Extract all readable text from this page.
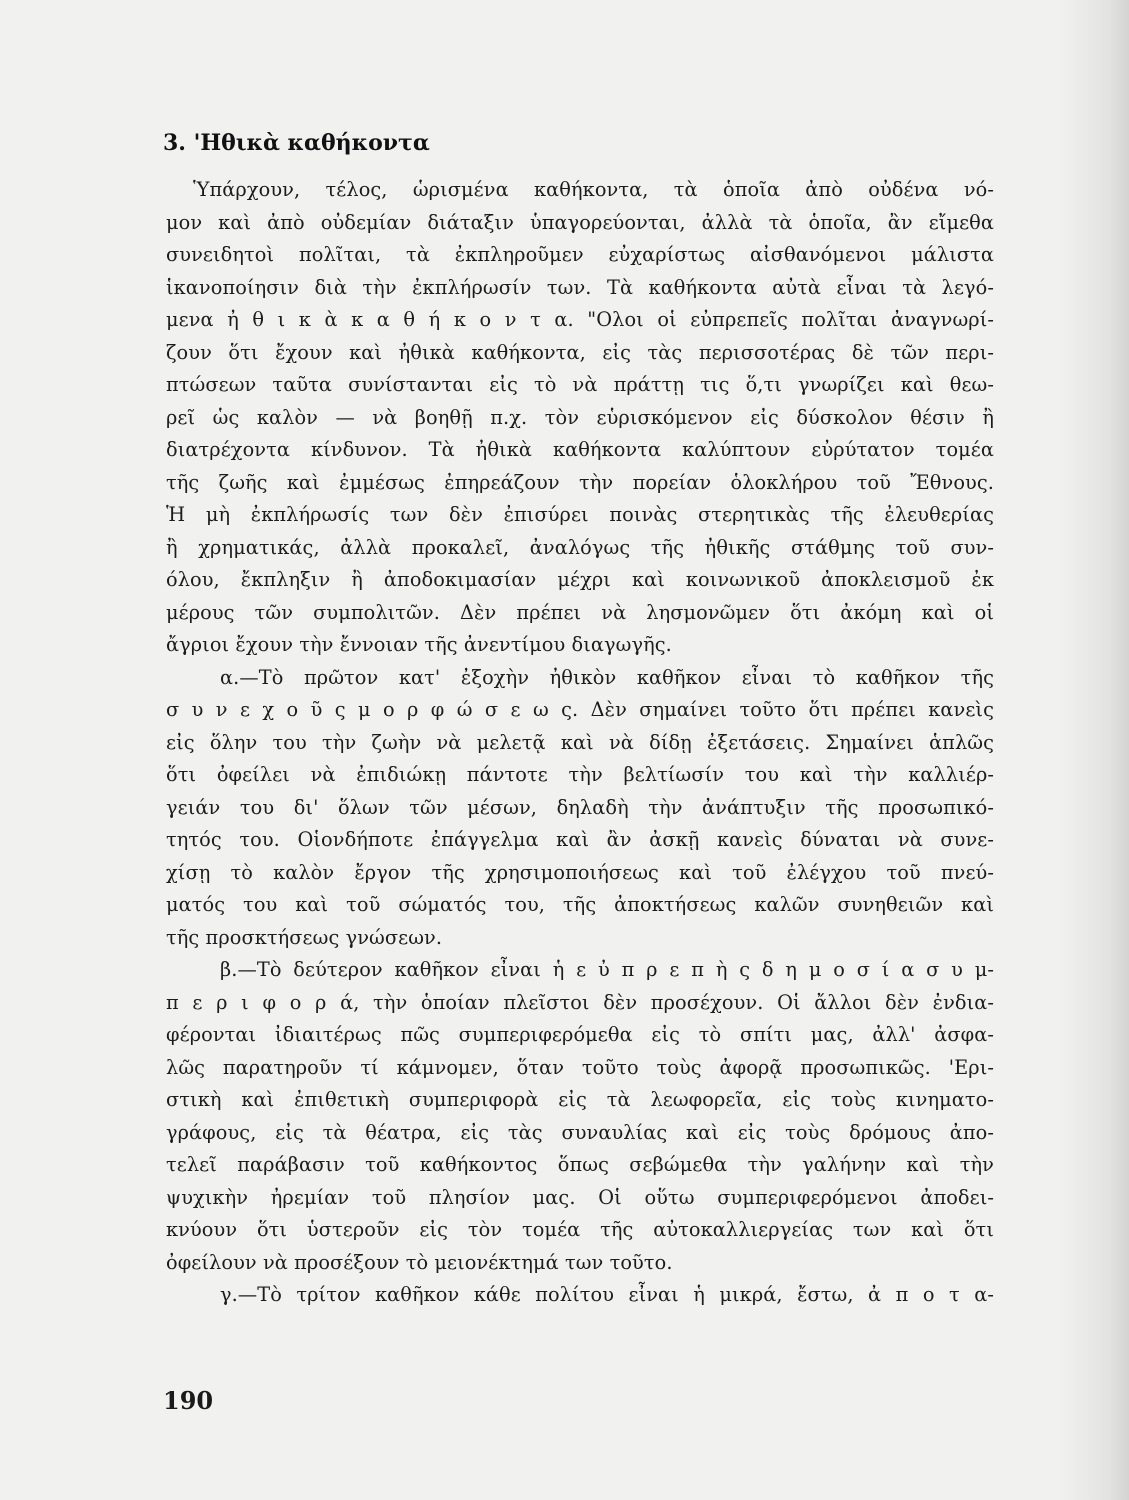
3. 'Ηθικὰ καθήκοντα
Ὑπάρχουν, τέλος, ὡρισμένα καθήκοντα, τὰ ὁποῖα ἀπὸ οὐδένα νό-
μον καὶ ἀπὸ οὐδεμίαν διάταξιν ὑπαγορεύονται, ἀλλὰ τὰ ὁποῖα, ἂν εἴμεθα
συνειδητοὶ πολῖται, τὰ ἐκπληροῦμεν εὐχαρίστως αἰσθανόμενοι μάλιστα
ἱκανοποίησιν διὰ τὴν ἐκπλήρωσίν των. Τὰ καθήκοντα αὐτὰ εἶναι τὰ λεγό-
μενα ἠ θ ι κ ὰ κ α θ ή κ ο ν τ α. "Ολοι οἱ εὐπρεπεῖς πολῖται ἀναγνωρί-
ζουν ὅτι ἔχουν καὶ ἠθικὰ καθήκοντα, εἰς τὰς περισσοτέρας δὲ τῶν περι-
πτώσεων ταῦτα συνίστανται εἰς τὸ νὰ πράττῃ τις ὅ,τι γνωρίζει καὶ θεω-
ρεῖ ὡς καλὸν — νὰ βοηθῇ π.χ. τὸν εὑρισκόμενον εἰς δύσκολον θέσιν ἢ
διατρέχοντα κίνδυνον. Τὰ ἠθικὰ καθήκοντα καλύπτουν εὐρύτατον τομέα
τῆς ζωῆς καὶ ἐμμέσως ἐπηρεάζουν τὴν πορείαν ὁλοκλήρου τοῦ Ἔθνους.
Ἡ μὴ ἐκπλήρωσίς των δὲν ἐπισύρει ποινὰς στερητικὰς τῆς ἐλευθερίας
ἢ χρηματικάς, ἀλλὰ προκαλεῖ, ἀναλόγως τῆς ἠθικῆς στάθμης τοῦ συν-
όλου, ἔκπληξιν ἢ ἀποδοκιμασίαν μέχρι καὶ κοινωνικοῦ ἀποκλεισμοῦ ἐκ
μέρους τῶν συμπολιτῶν. Δὲν πρέπει νὰ λησμονῶμεν ὅτι ἀκόμη καὶ οἱ
ἄγριοι ἔχουν τὴν ἔννοιαν τῆς ἀνεντίμου διαγωγῆς.
α.—Τὸ πρῶτον κατ' ἐξοχὴν ἠθικὸν καθῆκον εἶναι τὸ καθῆκον τῆς
σ υ ν ε χ ο ῦ ς μ ο ρ φ ώ σ ε ω ς. Δὲν σημαίνει τοῦτο ὅτι πρέπει κανεὶς
εἰς ὅλην του τὴν ζωὴν νὰ μελετᾷ καὶ νὰ δίδῃ ἐξετάσεις. Σημαίνει ἁπλῶς
ὅτι ὀφείλει νὰ ἐπιδιώκῃ πάντοτε τὴν βελτίωσίν του καὶ τὴν καλλιέρ-
γειάν του δι' ὅλων τῶν μέσων, δηλαδὴ τὴν ἀνάπτυξιν τῆς προσωπικό-
τητός του. Οἱονδήποτε ἐπάγγελμα καὶ ἂν ἀσκῇ κανεὶς δύναται νὰ συνε-
χίσῃ τὸ καλὸν ἔργον τῆς χρησιμοποιήσεως καὶ τοῦ ἐλέγχου τοῦ πνεύ-
ματός του καὶ τοῦ σώματός του, τῆς ἀποκτήσεως καλῶν συνηθειῶν καὶ
τῆς προσκτήσεως γνώσεων.
β.—Τὸ δεύτερον καθῆκον εἶναι ἡ ε ὐ π ρ ε π ὴ ς δ η μ ο σ ί α σ υ μ-
π ε ρ ι φ ο ρ ά, τὴν ὁποίαν πλεῖστοι δὲν προσέχουν. Οἱ ἄλλοι δὲν ἐνδια-
φέρονται ἰδιαιτέρως πῶς συμπεριφερόμεθα εἰς τὸ σπίτι μας, ἀλλ' ἀσφα-
λῶς παρατηροῦν τί κάμνομεν, ὅταν τοῦτο τοὺς ἀφορᾷ προσωπικῶς. 'Ερι-
στικὴ καὶ ἐπιθετικὴ συμπεριφορὰ εἰς τὰ λεωφορεῖα, εἰς τοὺς κινηματο-
γράφους, εἰς τὰ θέατρα, εἰς τὰς συναυλίας καὶ εἰς τοὺς δρόμους ἀπο-
τελεῖ παράβασιν τοῦ καθήκοντος ὅπως σεβώμεθα τὴν γαλήνην καὶ τὴν
ψυχικὴν ἠρεμίαν τοῦ πλησίον μας. Οἱ οὕτω συμπεριφερόμενοι ἀποδει-
κνύουν ὅτι ὑστεροῦν εἰς τὸν τομέα τῆς αὐτοκαλλιεργείας των καὶ ὅτι
ὀφείλουν νὰ προσέξουν τὸ μειονέκτημά των τοῦτο.
γ.—Τὸ τρίτον καθῆκον κάθε πολίτου εἶναι ἡ μικρά, ἔστω, ἀ π ο τ α-
190
